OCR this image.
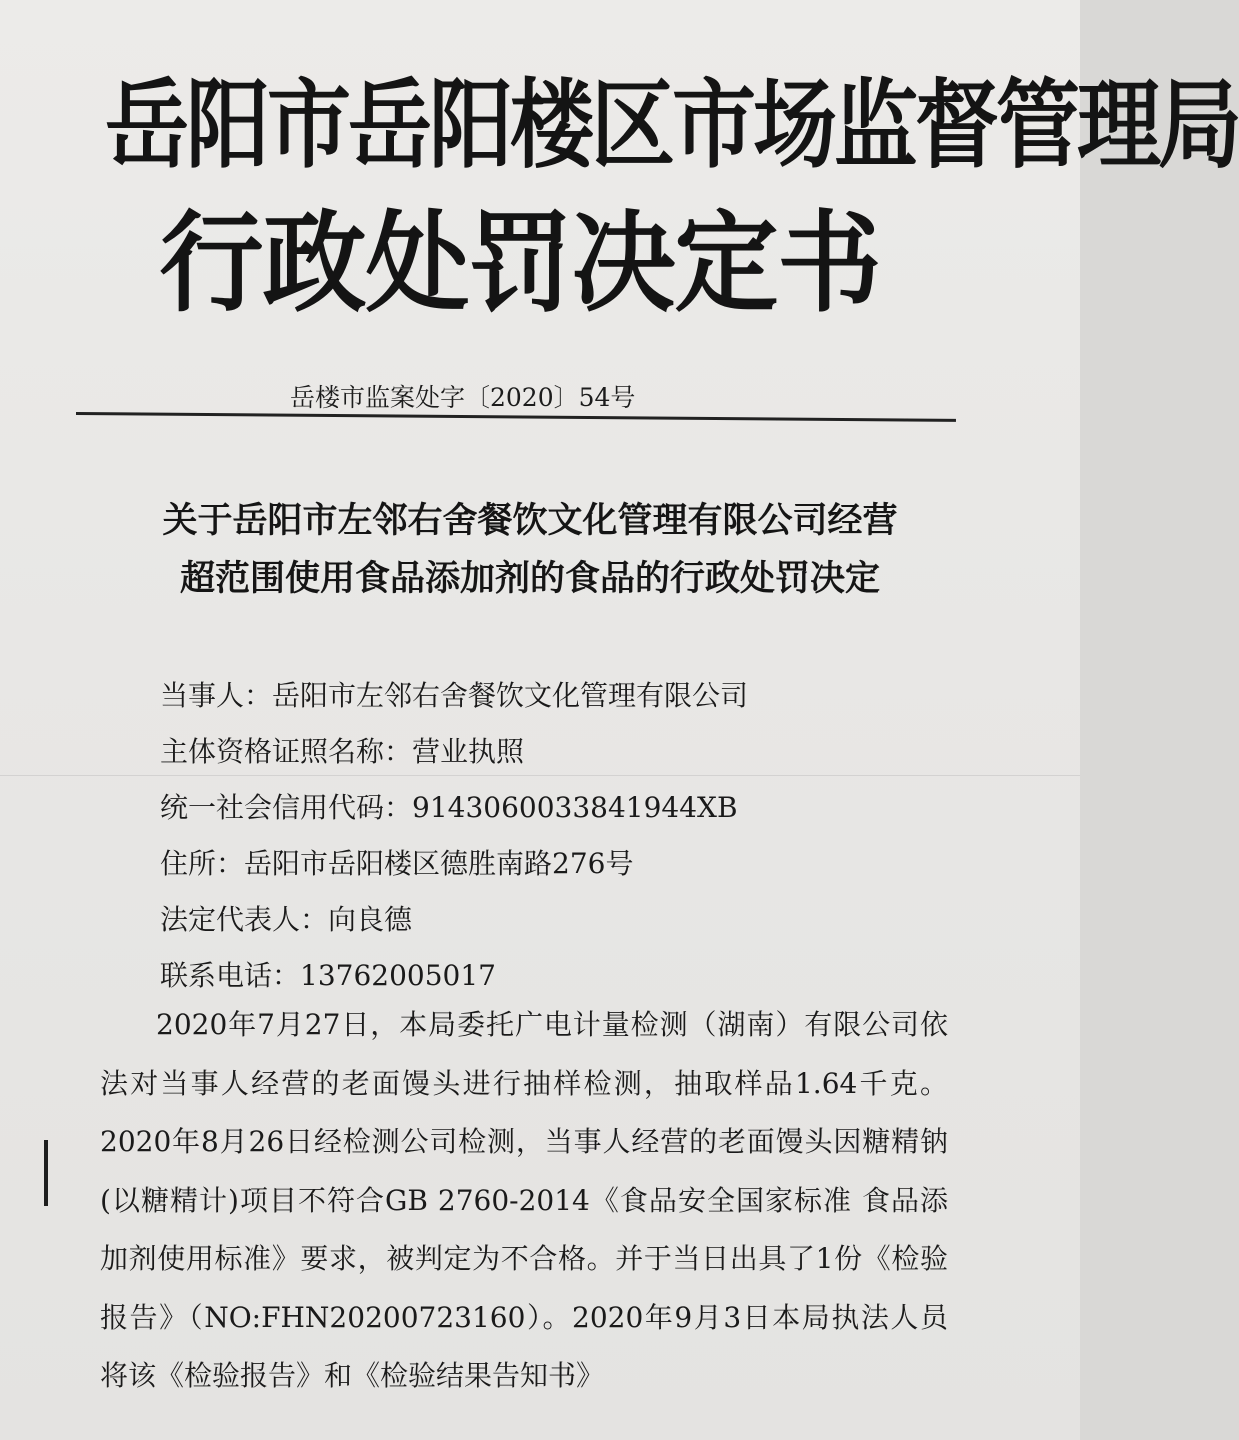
岳阳市岳阳楼区市场监督管理局
行政处罚决定书
岳楼市监案处字〔2020〕54号
关于岳阳市左邻右舍餐饮文化管理有限公司经营
超范围使用食品添加剂的食品的行政处罚决定
当事人：岳阳市左邻右舍餐饮文化管理有限公司
主体资格证照名称：营业执照
统一社会信用代码：9143060033841944XB
住所：岳阳市岳阳楼区德胜南路276号
法定代表人：向良德
联系电话：13762005017
2020年7月27日，本局委托广电计量检测（湖南）有限公司依法对当事人经营的老面馒头进行抽样检测，抽取样品1.64千克。2020年8月26日经检测公司检测，当事人经营的老面馒头因糖精钠(以糖精计)项目不符合GB 2760-2014《食品安全国家标准 食品添加剂使用标准》要求，被判定为不合格。并于当日出具了1份《检验报告》（NO:FHN20200723160）。2020年9月3日本局执法人员将该《检验报告》和《检验结果告知书》
